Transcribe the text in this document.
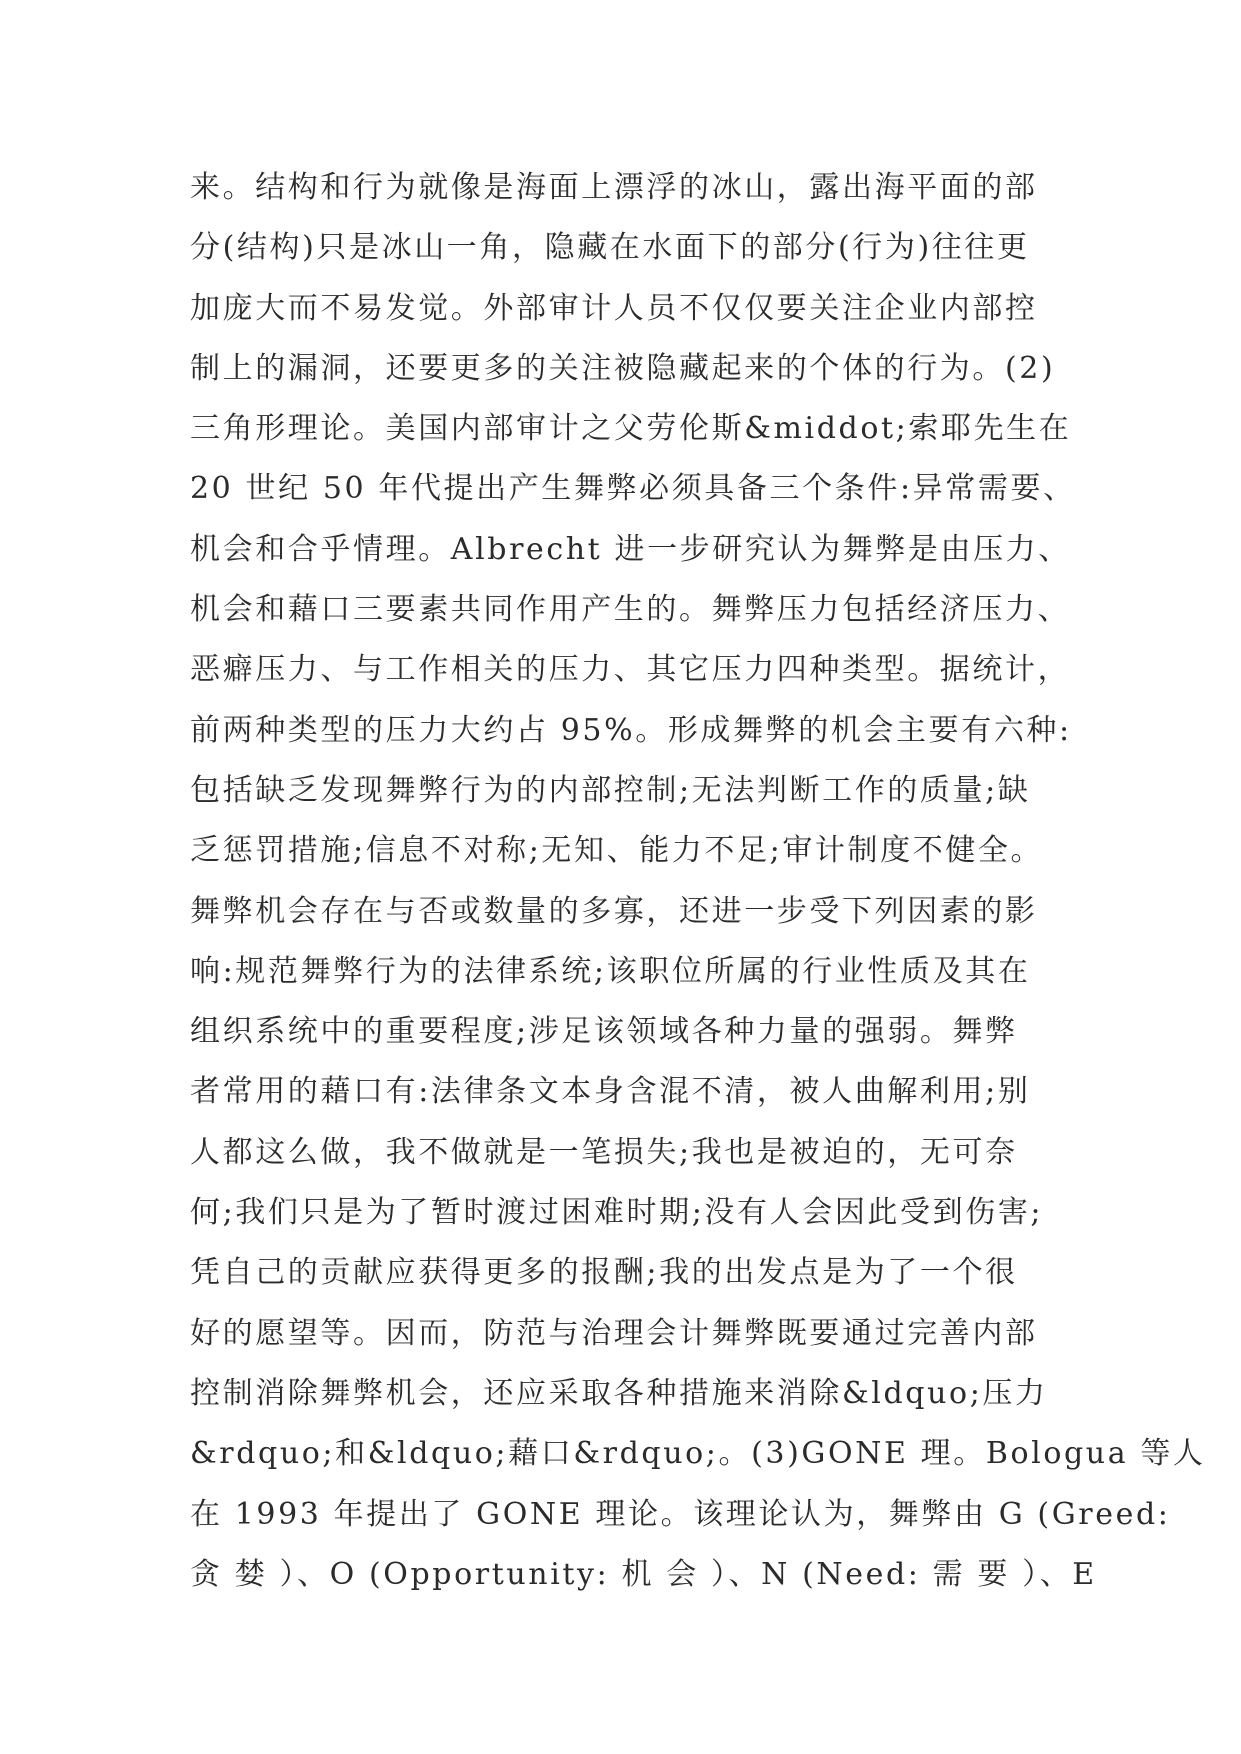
来。结构和行为就像是海面上漂浮的冰山，露出海平面的部
分(结构)只是冰山一角，隐藏在水面下的部分(行为)往往更
加庞大而不易发觉。外部审计人员不仅仅要关注企业内部控
制上的漏洞，还要更多的关注被隐藏起来的个体的行为。(2)
三角形理论。美国内部审计之父劳伦斯&middot;索耶先生在
20 世纪 50 年代提出产生舞弊必须具备三个条件:异常需要、
机会和合乎情理。Albrecht 进一步研究认为舞弊是由压力、
机会和藉口三要素共同作用产生的。舞弊压力包括经济压力、
恶癖压力、与工作相关的压力、其它压力四种类型。据统计，
前两种类型的压力大约占 95%。形成舞弊的机会主要有六种:
包括缺乏发现舞弊行为的内部控制;无法判断工作的质量;缺
乏惩罚措施;信息不对称;无知、能力不足;审计制度不健全。
舞弊机会存在与否或数量的多寡，还进一步受下列因素的影
响:规范舞弊行为的法律系统;该职位所属的行业性质及其在
组织系统中的重要程度;涉足该领域各种力量的强弱。舞弊
者常用的藉口有:法律条文本身含混不清，被人曲解利用;别
人都这么做，我不做就是一笔损失;我也是被迫的，无可奈
何;我们只是为了暂时渡过困难时期;没有人会因此受到伤害;
凭自己的贡献应获得更多的报酬;我的出发点是为了一个很
好的愿望等。因而，防范与治理会计舞弊既要通过完善内部
控制消除舞弊机会，还应采取各种措施来消除&ldquo;压力
&rdquo;和&ldquo;藉口&rdquo;。(3)GONE 理。Bologua 等人
在 1993 年提出了 GONE 理论。该理论认为，舞弊由 G (Greed:
贪 婪 ）、O (Opportunity: 机 会 ）、N (Need: 需 要 ）、E
